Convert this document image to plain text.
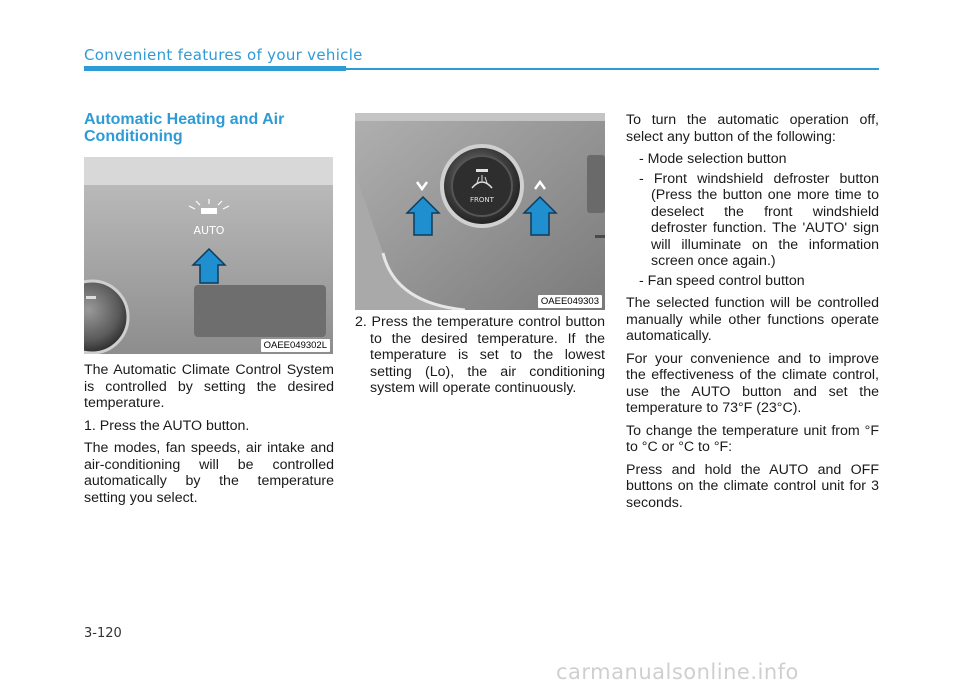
Convenient features of your vehicle
Automatic Heating and Air Conditioning
AUTO
OAEE049302L

The Automatic Climate Control System is controlled by setting the desired temperature.

1. Press the AUTO button.

The modes, fan speeds, air intake and air-conditioning will be controlled automatically by the temperature setting you select.

FRONT
OAEE049303

2. Press the temperature control button to the desired temperature. If the temperature is set to the lowest setting (Lo), the air conditioning system will operate continuously.

To turn the automatic operation off, select any button of the following:

- Mode selection button

- Front windshield defroster button (Press the button one more time to deselect the front windshield defroster function. The 'AUTO' sign will illuminate on the information screen once again.)

- Fan speed control button

The selected function will be controlled manually while other functions operate automatically.

For your convenience and to improve the effectiveness of the climate control, use the AUTO button and set the temperature to 73°F (23°C).

To change the temperature unit from °F to °C or °C to °F:

Press and hold the AUTO and OFF buttons on the climate control unit for 3 seconds.

3-120
carmanualsonline.info
